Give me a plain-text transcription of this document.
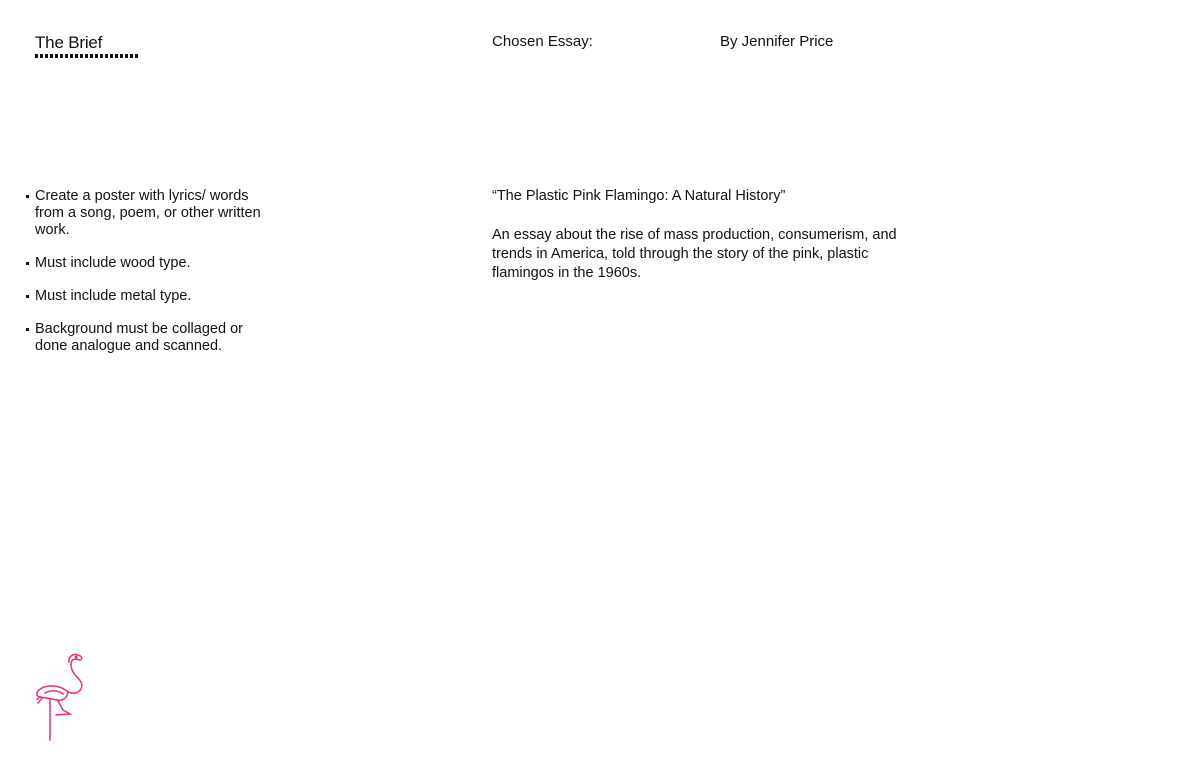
The Brief	Chosen Essay:	By Jennifer Price
Create a poster with lyrics/ words from a song, poem, or other written work.
Must include wood type.
Must include metal type.
Background must be collaged or done analogue and scanned.
“The Plastic Pink Flamingo: A Natural History”

An essay about the rise of mass production, consumerism, and trends in America, told through the story of the pink, plastic flamingos in the 1960s.
